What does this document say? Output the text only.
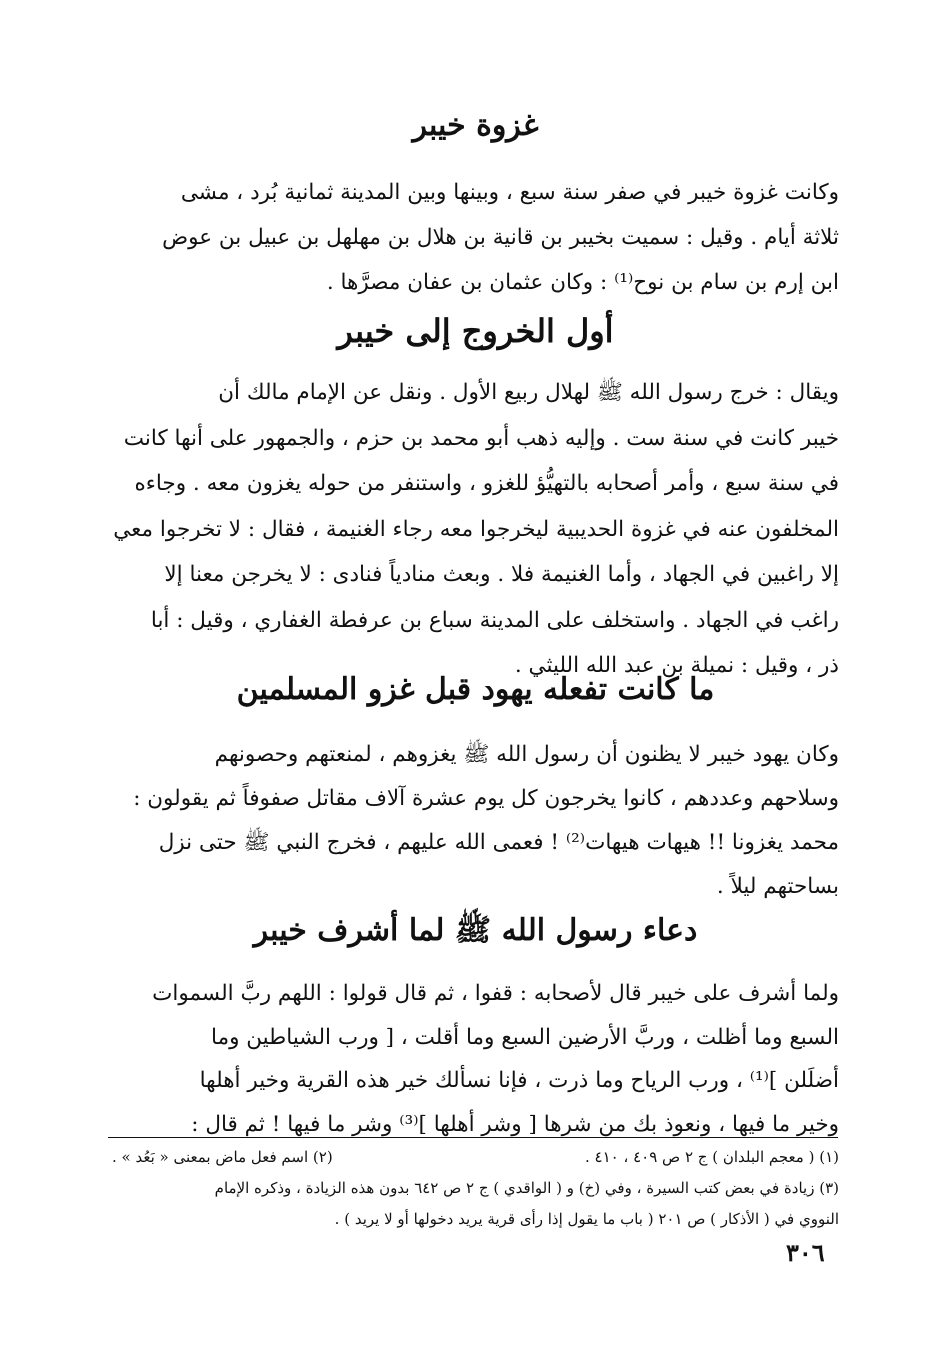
غزوة خيبر

وكانت غزوة خيبر في صفر سنة سبع ، وبينها وبين المدينة ثمانية بُرد ، مشى
ثلاثة أيام . وقيل : سميت بخيبر بن قانية بن هلال بن مهلهل بن عبيل بن عوض
ابن إرم بن سام بن نوح⁽¹⁾ : وكان عثمان بن عفان مصرَّها .

أول الخروج إلى خيبر

ويقال : خرج رسول الله ﷺ لهلال ربيع الأول . ونقل عن الإمام مالك أن
خيبر كانت في سنة ست . وإليه ذهب أبو محمد بن حزم ، والجمهور على أنها كانت
في سنة سبع ، وأمر أصحابه بالتهيُّؤ للغزو ، واستنفر من حوله يغزون معه . وجاءه
المخلفون عنه في غزوة الحديبية ليخرجوا معه رجاء الغنيمة ، فقال : لا تخرجوا معي
إلا راغبين في الجهاد ، وأما الغنيمة فلا . وبعث منادياً فنادى : لا يخرجن معنا إلا
راغب في الجهاد . واستخلف على المدينة سباع بن عرفطة الغفاري ، وقيل : أبا
ذر ، وقيل : نميلة بن عبد الله الليثي .

ما كانت تفعله يهود قبل غزو المسلمين

وكان يهود خيبر لا يظنون أن رسول الله ﷺ يغزوهم ، لمنعتهم وحصونهم
وسلاحهم وعددهم ، كانوا يخرجون كل يوم عشرة آلاف مقاتل صفوفاً ثم يقولون :
محمد يغزونا !! هيهات هيهات⁽²⁾ ! فعمى الله عليهم ، فخرج النبي ﷺ حتى نزل
بساحتهم ليلاً .

دعاء رسول الله ﷺ لما أشرف خيبر

ولما أشرف على خيبر قال لأصحابه : قفوا ، ثم قال قولوا : اللهم ربَّ السموات
السبع وما أظلت ، وربَّ الأرضين السبع وما أقلت ، [ ورب الشياطين وما
أضلَلن ]⁽¹⁾ ، ورب الرياح وما ذرت ، فإنا نسألك خير هذه القرية وخير أهلها
وخير ما فيها ، ونعوذ بك من شرها [ وشر أهلها ]⁽³⁾ وشر ما فيها ! ثم قال :

(١) ( معجم البلدان ) ج ٢ ص ٤٠٩ ، ٤١٠ .
(٢) اسم فعل ماض بمعنى « بَعُد » .
(٣) زيادة في بعض كتب السيرة ، وفي (خ) و ( الواقدي ) ج ٢ ص ٦٤٢ بدون هذه الزيادة ، وذكره الإمام
النووي في ( الأذكار ) ص ٢٠١ ( باب ما يقول إذا رأى قرية يريد دخولها أو لا يريد ) .
٣٠٦
